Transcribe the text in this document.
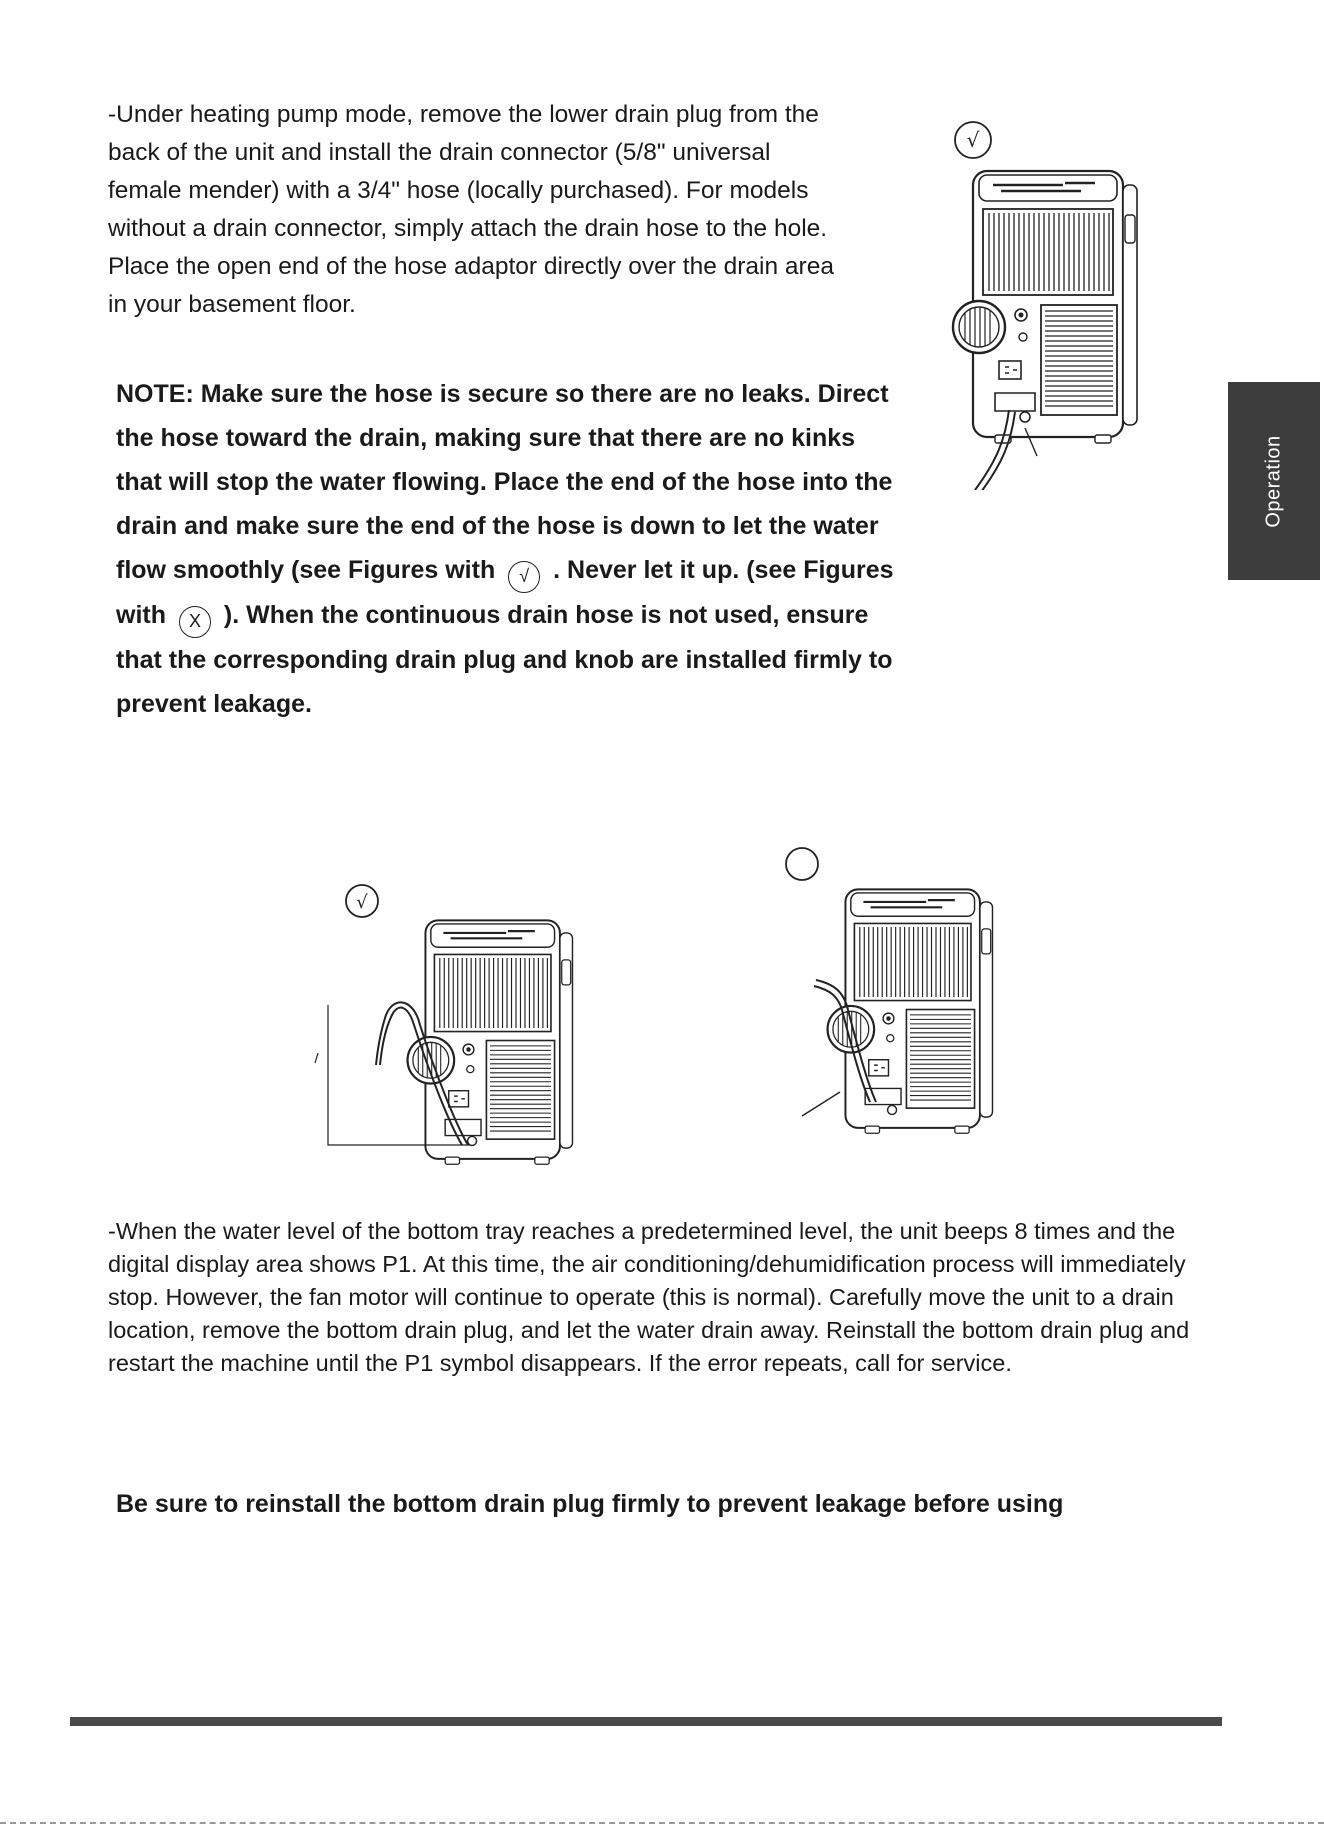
-Under heating pump mode, remove the lower drain plug from the back of the unit and install the drain connector (5/8" universal female mender) with a 3/4" hose (locally purchased). For models without a drain connector, simply attach the drain hose to the hole. Place the open end of the hose adaptor directly over the drain area in your basement floor.

√
Operation

NOTE: Make sure the hose is secure so there are no leaks. Direct the hose toward the drain, making sure that there are no kinks that will stop the water flowing. Place the end of the hose into the drain and make sure the end of the hose is down to let the water flow smoothly (see Figures with √ . Never let it up. (see Figures with X ). When the continuous drain hose is not used, ensure that the corresponding drain plug and knob are installed firmly to prevent leakage.

√

-When the water level of the bottom tray reaches a predetermined level, the unit beeps 8 times and the digital display area shows P1. At this time, the air conditioning/dehumidification process will immediately stop. However, the fan motor will continue to operate (this is normal). Carefully move the unit to a drain location, remove the bottom drain plug, and let the water drain away. Reinstall the bottom drain plug and restart the machine until the P1 symbol disappears. If the error repeats, call for service.

Be sure to reinstall the bottom drain plug firmly to prevent leakage before using
